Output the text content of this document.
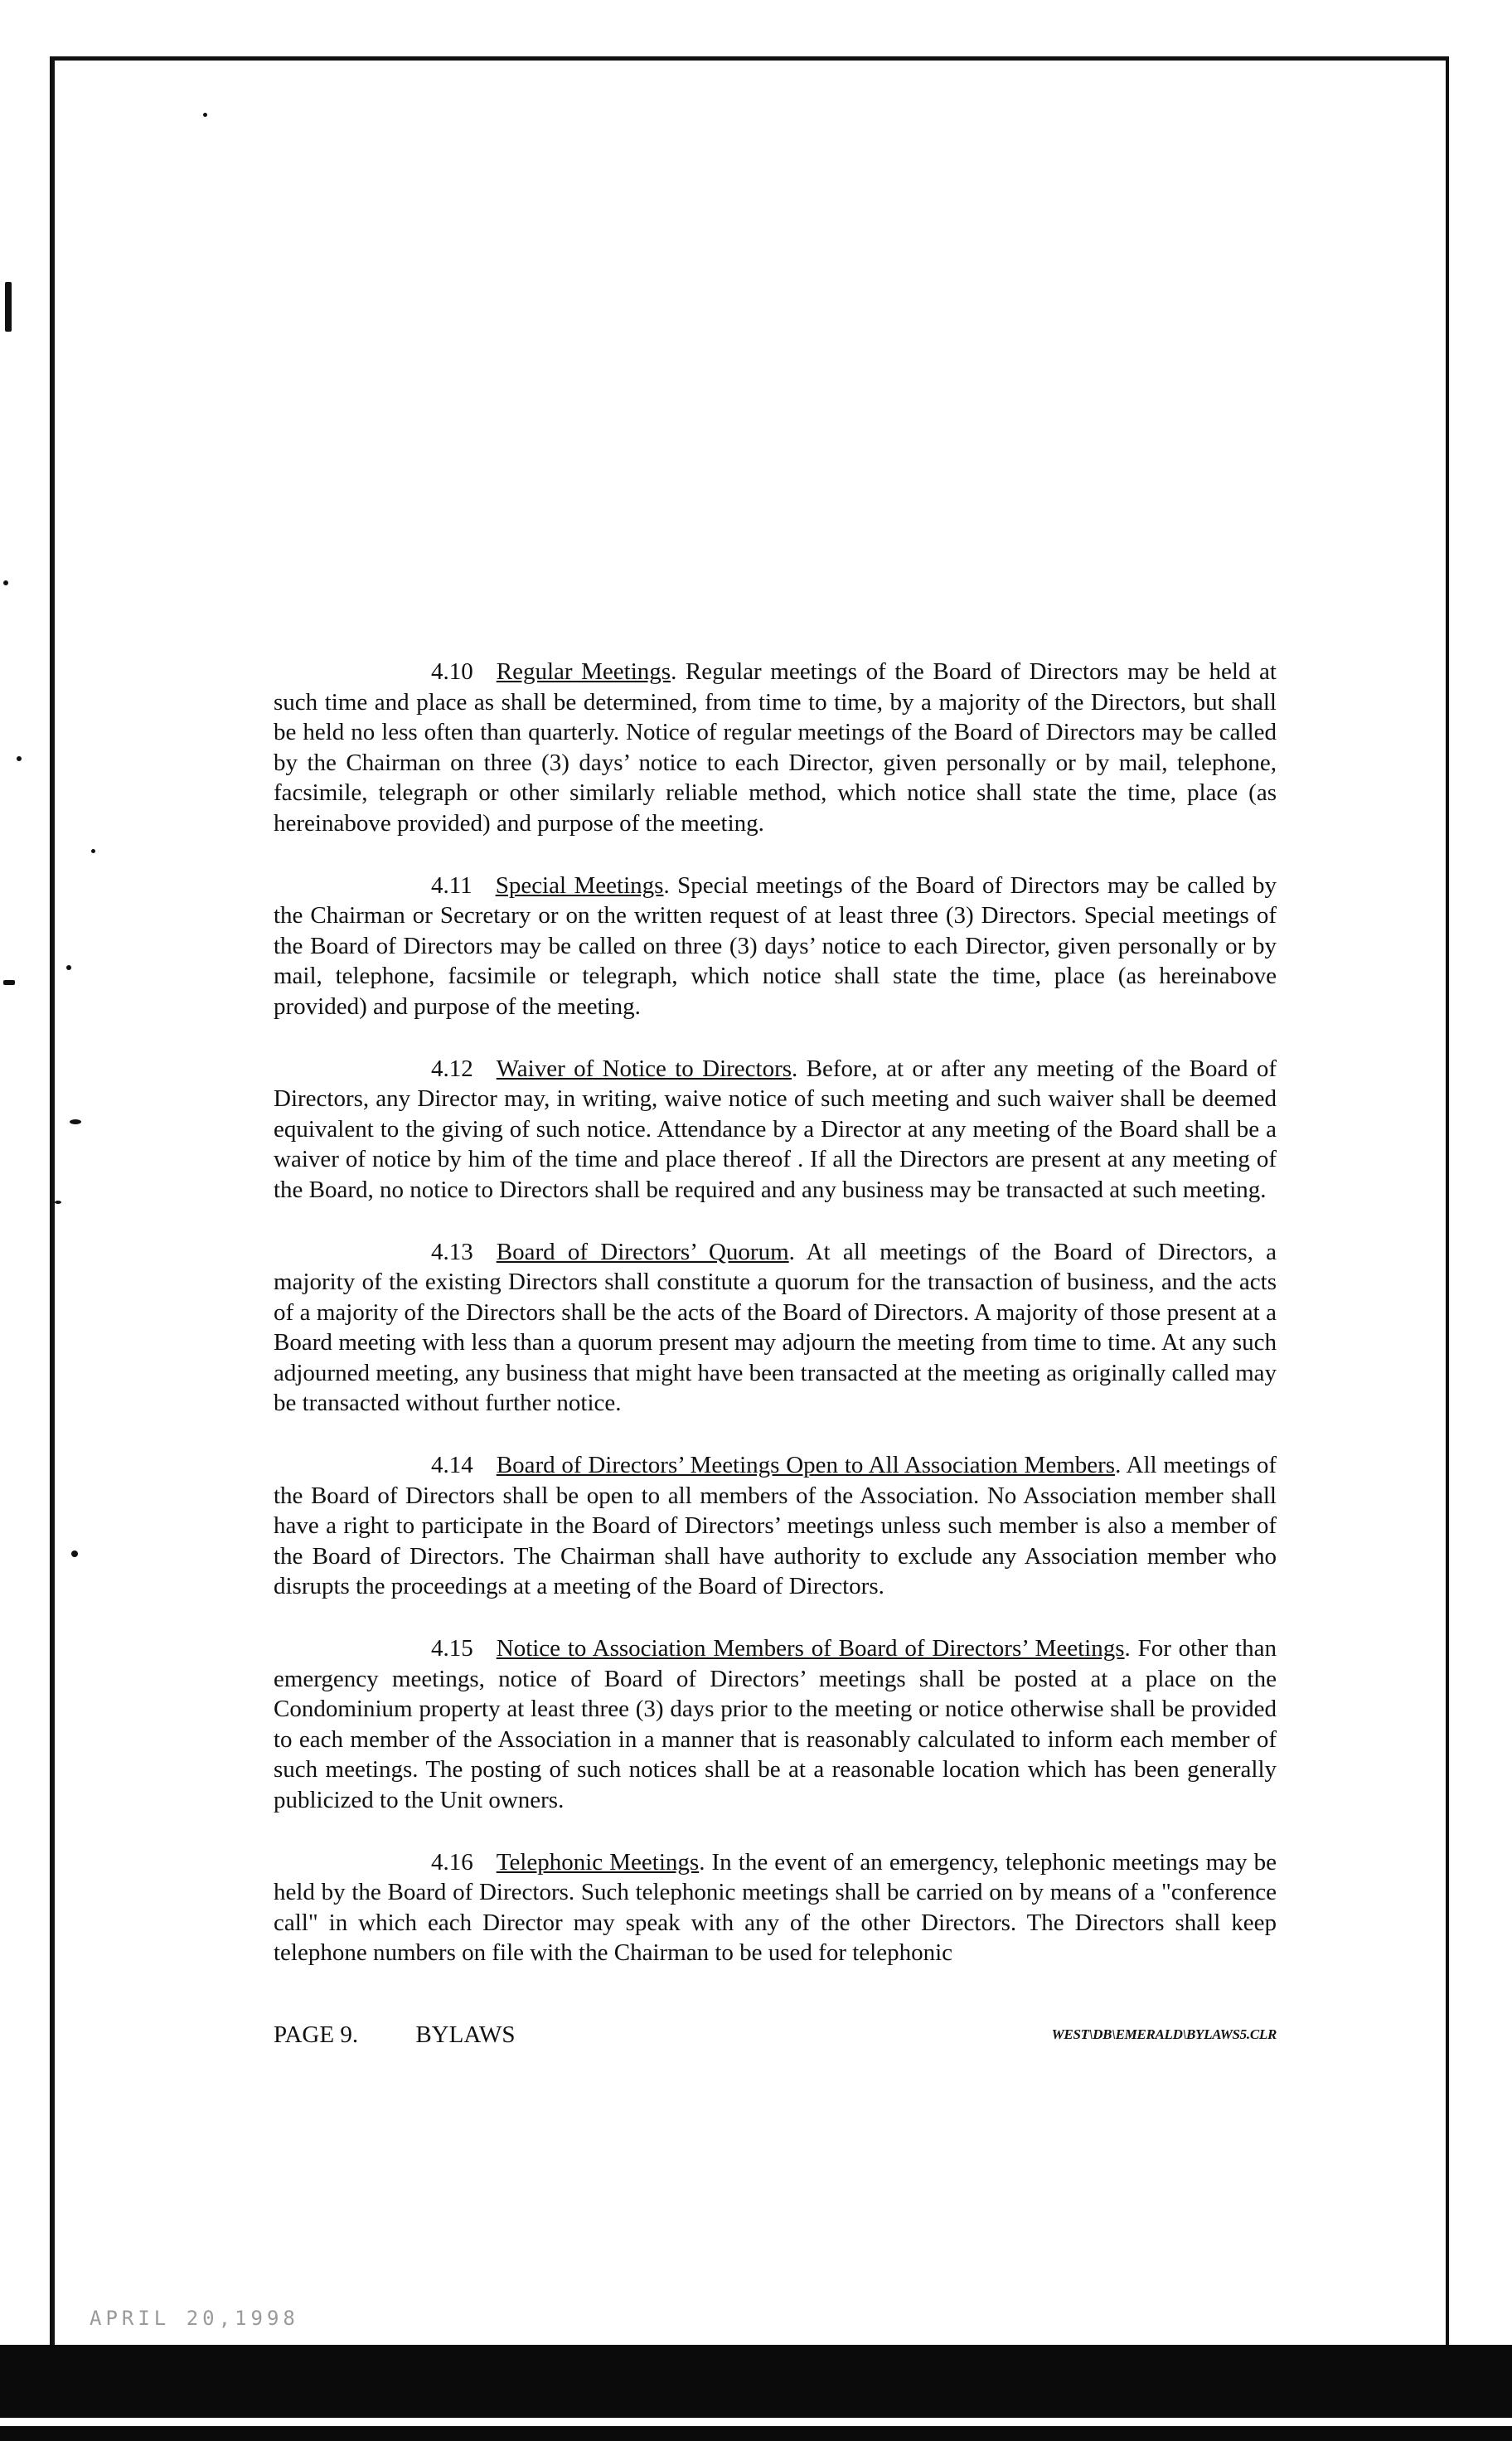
4.10 Regular Meetings. Regular meetings of the Board of Directors may be held at such time and place as shall be determined, from time to time, by a majority of the Directors, but shall be held no less often than quarterly. Notice of regular meetings of the Board of Directors may be called by the Chairman on three (3) days’ notice to each Director, given personally or by mail, telephone, facsimile, telegraph or other similarly reliable method, which notice shall state the time, place (as hereinabove provided) and purpose of the meeting.

4.11 Special Meetings. Special meetings of the Board of Directors may be called by the Chairman or Secretary or on the written request of at least three (3) Directors. Special meetings of the Board of Directors may be called on three (3) days’ notice to each Director, given personally or by mail, telephone, facsimile or telegraph, which notice shall state the time, place (as hereinabove provided) and purpose of the meeting.

4.12 Waiver of Notice to Directors. Before, at or after any meeting of the Board of Directors, any Director may, in writing, waive notice of such meeting and such waiver shall be deemed equivalent to the giving of such notice. Attendance by a Director at any meeting of the Board shall be a waiver of notice by him of the time and place thereof . If all the Directors are present at any meeting of the Board, no notice to Directors shall be required and any business may be transacted at such meeting.

4.13 Board of Directors’ Quorum. At all meetings of the Board of Directors, a majority of the existing Directors shall constitute a quorum for the transaction of business, and the acts of a majority of the Directors shall be the acts of the Board of Directors. A majority of those present at a Board meeting with less than a quorum present may adjourn the meeting from time to time. At any such adjourned meeting, any business that might have been transacted at the meeting as originally called may be transacted without further notice.

4.14 Board of Directors’ Meetings Open to All Association Members. All meetings of the Board of Directors shall be open to all members of the Association. No Association member shall have a right to participate in the Board of Directors’ meetings unless such member is also a member of the Board of Directors. The Chairman shall have authority to exclude any Association member who disrupts the proceedings at a meeting of the Board of Directors.

4.15 Notice to Association Members of Board of Directors’ Meetings. For other than emergency meetings, notice of Board of Directors’ meetings shall be posted at a place on the Condominium property at least three (3) days prior to the meeting or notice otherwise shall be provided to each member of the Association in a manner that is reasonably calculated to inform each member of such meetings. The posting of such notices shall be at a reasonable location which has been generally publicized to the Unit owners.

4.16 Telephonic Meetings. In the event of an emergency, telephonic meetings may be held by the Board of Directors. Such telephonic meetings shall be carried on by means of a "conference call" in which each Director may speak with any of the other Directors. The Directors shall keep telephone numbers on file with the Chairman to be used for telephonic

PAGE 9. BYLAWS	WEST\DB\EMERALD\BYLAWS5.CLR
APRIL 20,1998
